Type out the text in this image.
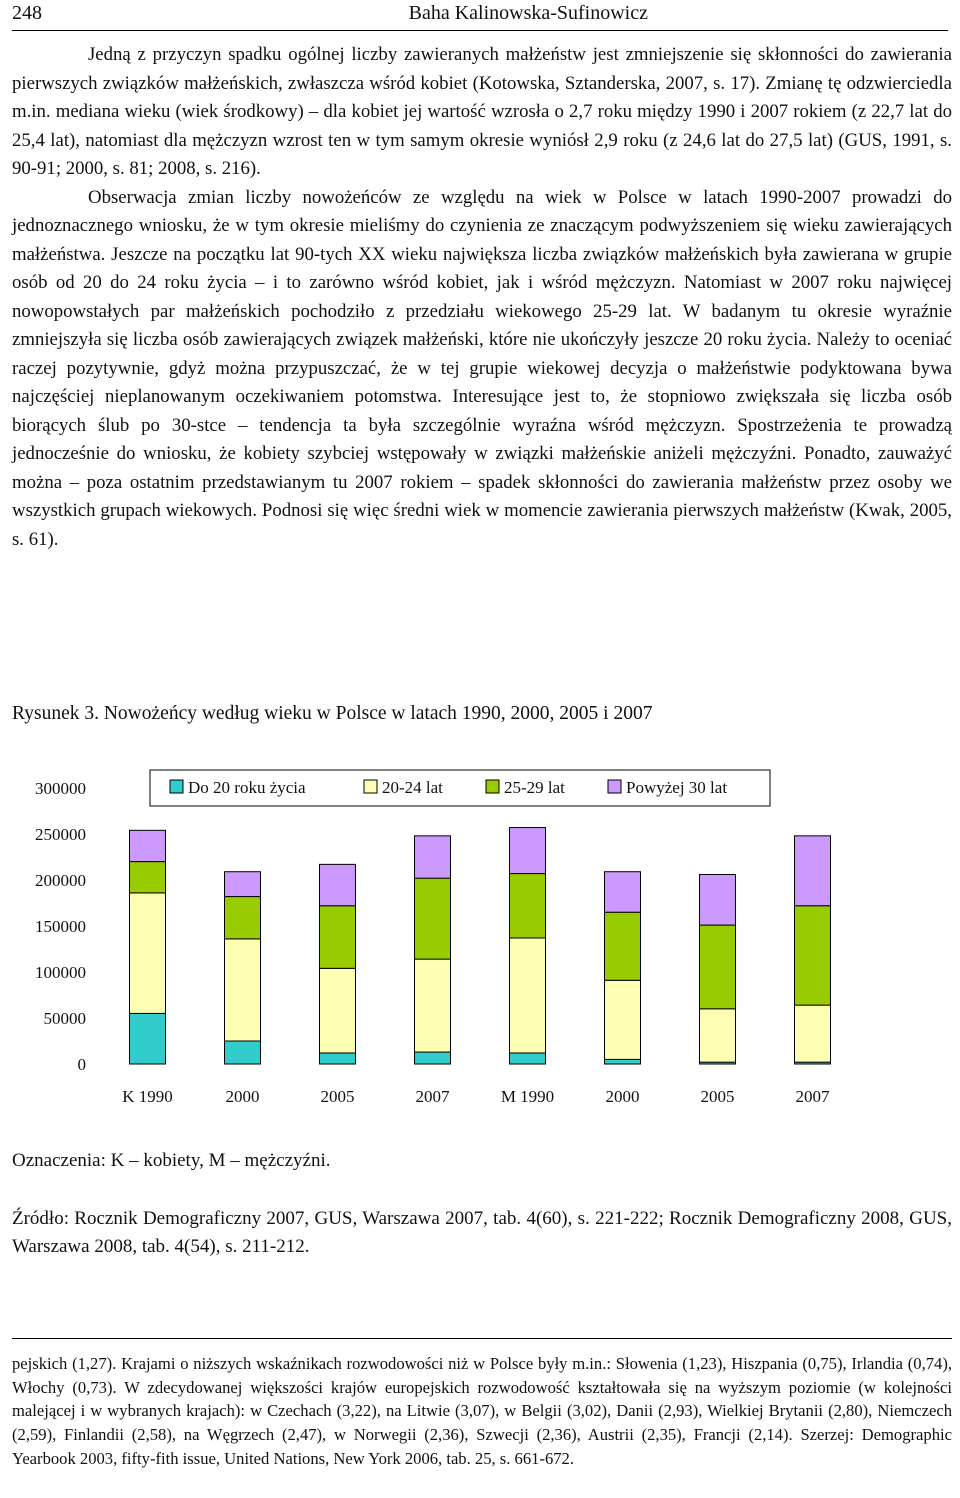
248	Baha Kalinowska-Sufinowicz

Jedną z przyczyn spadku ogólnej liczby zawieranych małżeństw jest zmniejszenie się skłonności do zawierania pierwszych związków małżeńskich, zwłaszcza wśród kobiet (Kotowska, Sztanderska, 2007, s. 17). Zmianę tę odzwierciedla m.in. mediana wieku (wiek środkowy) – dla kobiet jej wartość wzrosła o 2,7 roku między 1990 i 2007 rokiem (z 22,7 lat do 25,4 lat), natomiast dla mężczyzn wzrost ten w tym samym okresie wyniósł 2,9 roku (z 24,6 lat do 27,5 lat) (GUS, 1991, s. 90-91; 2000, s. 81; 2008, s. 216).

Obserwacja zmian liczby nowożeńców ze względu na wiek w Polsce w latach 1990-2007 prowadzi do jednoznacznego wniosku, że w tym okresie mieliśmy do czynienia ze znaczącym podwyższeniem się wieku zawierających małżeństwa. Jeszcze na początku lat 90-tych XX wieku największa liczba związków małżeńskich była zawierana w grupie osób od 20 do 24 roku życia – i to zarówno wśród kobiet, jak i wśród mężczyzn. Natomiast w 2007 roku najwięcej nowopowstałych par małżeńskich pochodziło z przedziału wiekowego 25-29 lat. W badanym tu okresie wyraźnie zmniejszyła się liczba osób zawierających związek małżeński, które nie ukończyły jeszcze 20 roku życia. Należy to oceniać raczej pozytywnie, gdyż można przypuszczać, że w tej grupie wiekowej decyzja o małżeństwie podyktowana bywa najczęściej nieplanowanym oczekiwaniem potomstwa. Interesujące jest to, że stopniowo zwiększała się liczba osób biorących ślub po 30-stce – tendencja ta była szczególnie wyraźna wśród mężczyzn. Spostrzeżenia te prowadzą jednocześnie do wniosku, że kobiety szybciej wstępowały w związki małżeńskie aniżeli mężczyźni. Ponadto, zauważyć można – poza ostatnim przedstawianym tu 2007 rokiem – spadek skłonności do zawierania małżeństw przez osoby we wszystkich grupach wiekowych. Podnosi się więc średni wiek w momencie zawierania pierwszych małżeństw (Kwak, 2005, s. 61).

Rysunek 3. Nowożeńcy według wieku w Polsce w latach 1990, 2000, 2005 i 2007
300000
250000
200000
150000
100000
50000
0
K 1990	2000	2005	2007	M 1990	2000	2005	2007
Do 20 roku życia	20-24 lat	25-29 lat	Powyżej 30 lat
Oznaczenia: K – kobiety, M – mężczyźni.
Źródło: Rocznik Demograficzny 2007, GUS, Warszawa 2007, tab. 4(60), s. 221-222; Rocznik Demograficzny 2008, GUS, Warszawa 2008, tab. 4(54), s. 211-212.
pejskich (1,27). Krajami o niższych wskaźnikach rozwodowości niż w Polsce były m.in.: Słowenia (1,23), Hiszpania (0,75), Irlandia (0,74), Włochy (0,73). W zdecydowanej większości krajów europejskich rozwodowość kształtowała się na wyższym poziomie (w kolejności malejącej i w wybranych krajach): w Czechach (3,22), na Litwie (3,07), w Belgii (3,02), Danii (2,93), Wielkiej Brytanii (2,80), Niemczech (2,59), Finlandii (2,58), na Węgrzech (2,47), w Norwegii (2,36), Szwecji (2,36), Austrii (2,35), Francji (2,14). Szerzej: Demographic Yearbook 2003, fifty-fith issue, United Nations, New York 2006, tab. 25, s. 661-672.
